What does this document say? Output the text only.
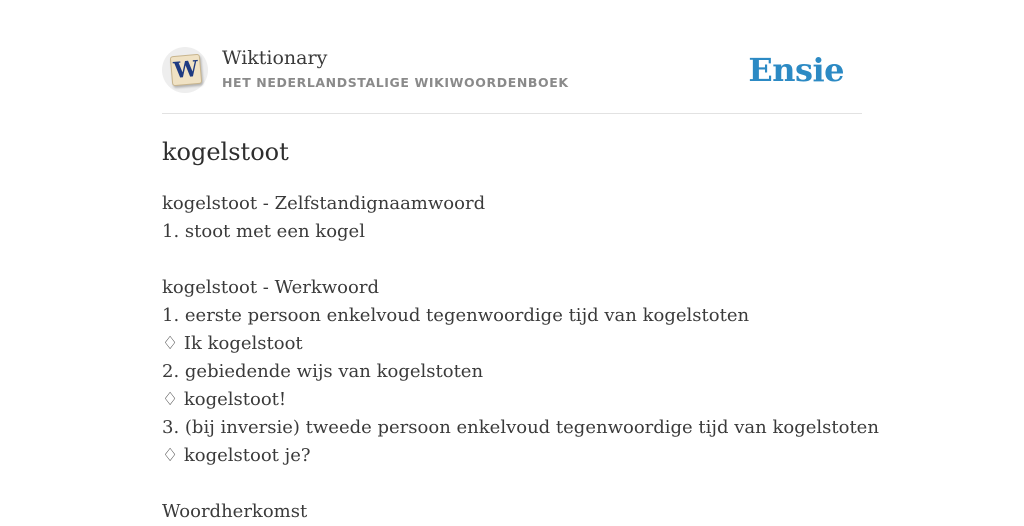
W Wiktionary
HET NEDERLANDSTALIGE WIKIWOORDENBOEK	Ensie
kogelstoot
kogelstoot - Zelfstandignaamwoord
1. stoot met een kogel
kogelstoot - Werkwoord
1. eerste persoon enkelvoud tegenwoordige tijd van kogelstoten
♢ Ik kogelstoot
2. gebiedende wijs van kogelstoten
♢ kogelstoot!
3. (bij inversie) tweede persoon enkelvoud tegenwoordige tijd van kogelstoten
♢ kogelstoot je?
Woordherkomst
